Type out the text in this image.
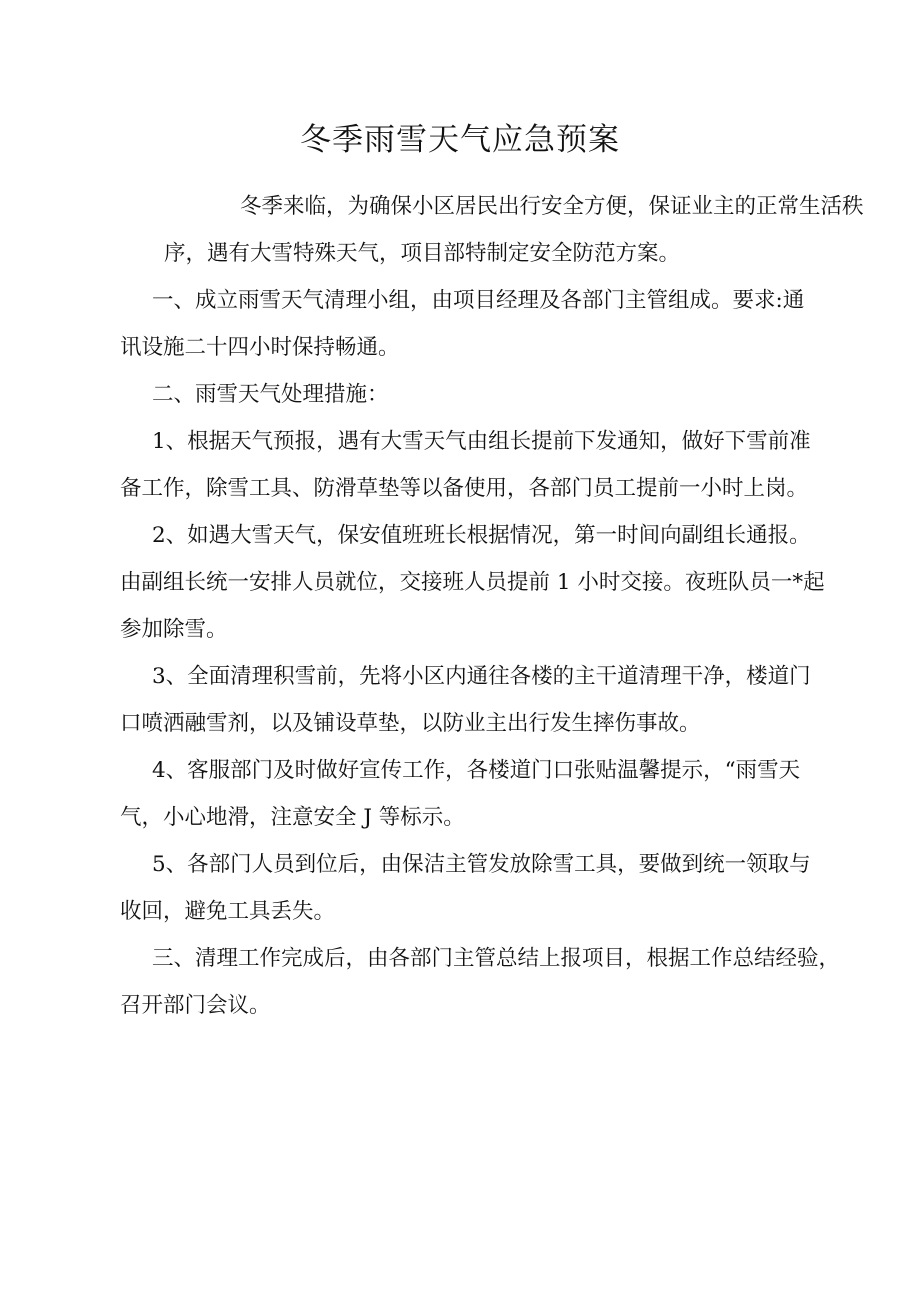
冬季雨雪天气应急预案
冬季来临，为确保小区居民出行安全方便，保证业主的正常生活秩
序，遇有大雪特殊天气，项目部特制定安全防范方案。
一、成立雨雪天气清理小组，由项目经理及各部门主管组成。要求:通
讯设施二十四小时保持畅通。
二、雨雪天气处理措施：
1、根据天气预报，遇有大雪天气由组长提前下发通知，做好下雪前准
备工作，除雪工具、防滑草垫等以备使用，各部门员工提前一小时上岗。
2、如遇大雪天气，保安值班班长根据情况，第一时间向副组长通报。
由副组长统一安排人员就位，交接班人员提前 1 小时交接。夜班队员一*起
参加除雪。
3、全面清理积雪前，先将小区内通往各楼的主干道清理干净，楼道门
口喷洒融雪剂，以及铺设草垫，以防业主出行发生摔伤事故。
4、客服部门及时做好宣传工作，各楼道门口张贴温馨提示，“雨雪天
气，小心地滑，注意安全 J 等标示。
5、各部门人员到位后，由保洁主管发放除雪工具，要做到统一领取与
收回，避免工具丢失。
三、清理工作完成后，由各部门主管总结上报项目，根据工作总结经验，
召开部门会议。
